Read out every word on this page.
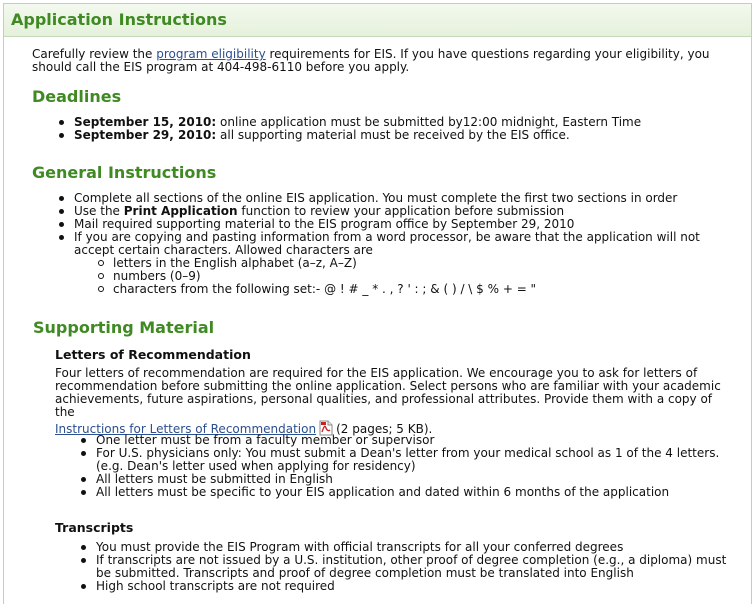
Application Instructions

Carefully review the program eligibility requirements for EIS. If you have questions regarding your eligibility, you should call the EIS program at 404-498-6110 before you apply.

Deadlines
September 15, 2010: online application must be submitted by12:00 midnight, Eastern Time
September 29, 2010: all supporting material must be received by the EIS office.
General Instructions
Complete all sections of the online EIS application. You must complete the first two sections in order
Use the Print Application function to review your application before submission
Mail required supporting material to the EIS program office by September 29, 2010
If you are copying and pasting information from a word processor, be aware that the application will not accept certain characters. Allowed characters are
letters in the English alphabet (a–z, A–Z)
numbers (0–9)
characters from the following set:- @ ! # _ * . , ? ' : ; & ( ) / \ $ % + = "
Supporting Material
Letters of Recommendation

Four letters of recommendation are required for the EIS application. We encourage you to ask for letters of recommendation before submitting the online application. Select persons who are familiar with your academic achievements, future aspirations, personal qualities, and professional attributes. Provide them with a copy of the
Instructions for Letters of Recommendation (2 pages; 5 KB).

One letter must be from a faculty member or supervisor
For U.S. physicians only: You must submit a Dean's letter from your medical school as 1 of the 4 letters. (e.g. Dean's letter used when applying for residency)
All letters must be submitted in English
All letters must be specific to your EIS application and dated within 6 months of the application
Transcripts
You must provide the EIS Program with official transcripts for all your conferred degrees
If transcripts are not issued by a U.S. institution, other proof of degree completion (e.g., a diploma) must be submitted. Transcripts and proof of degree completion must be translated into English
High school transcripts are not required
